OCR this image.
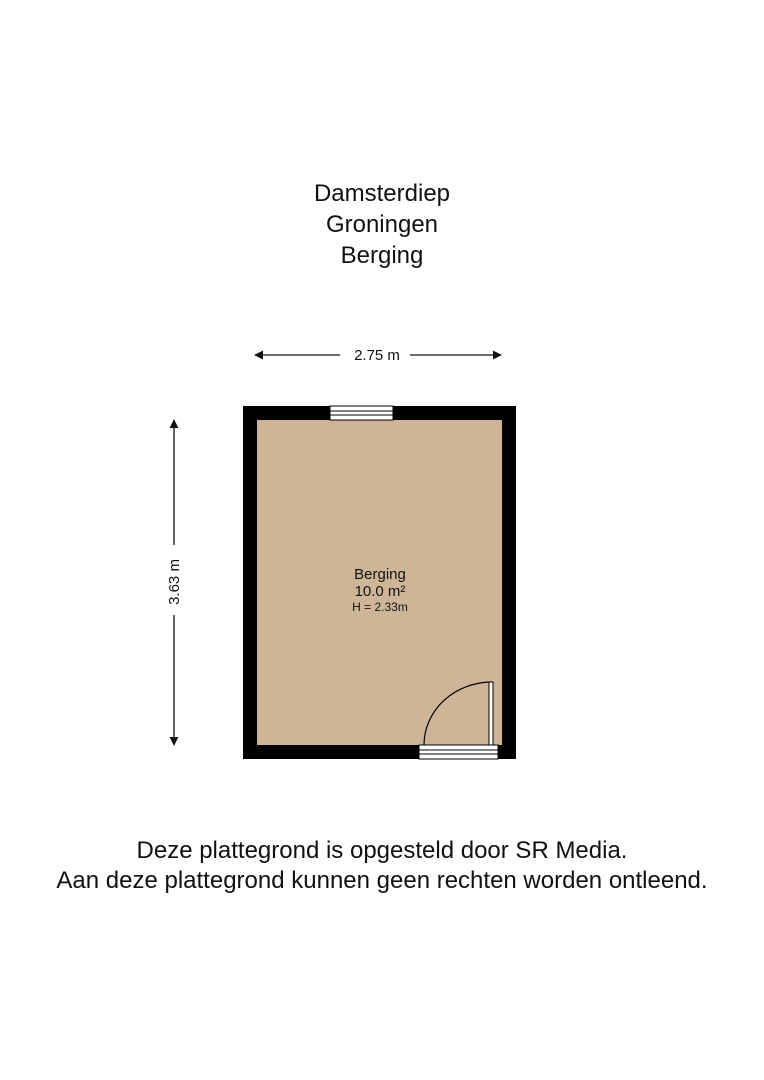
Damsterdiep
Groningen
Berging
2.75 m
3.63 m	Berging
10.0 m²
H = 2.33m
Deze plattegrond is opgesteld door SR Media.
Aan deze plattegrond kunnen geen rechten worden ontleend.
